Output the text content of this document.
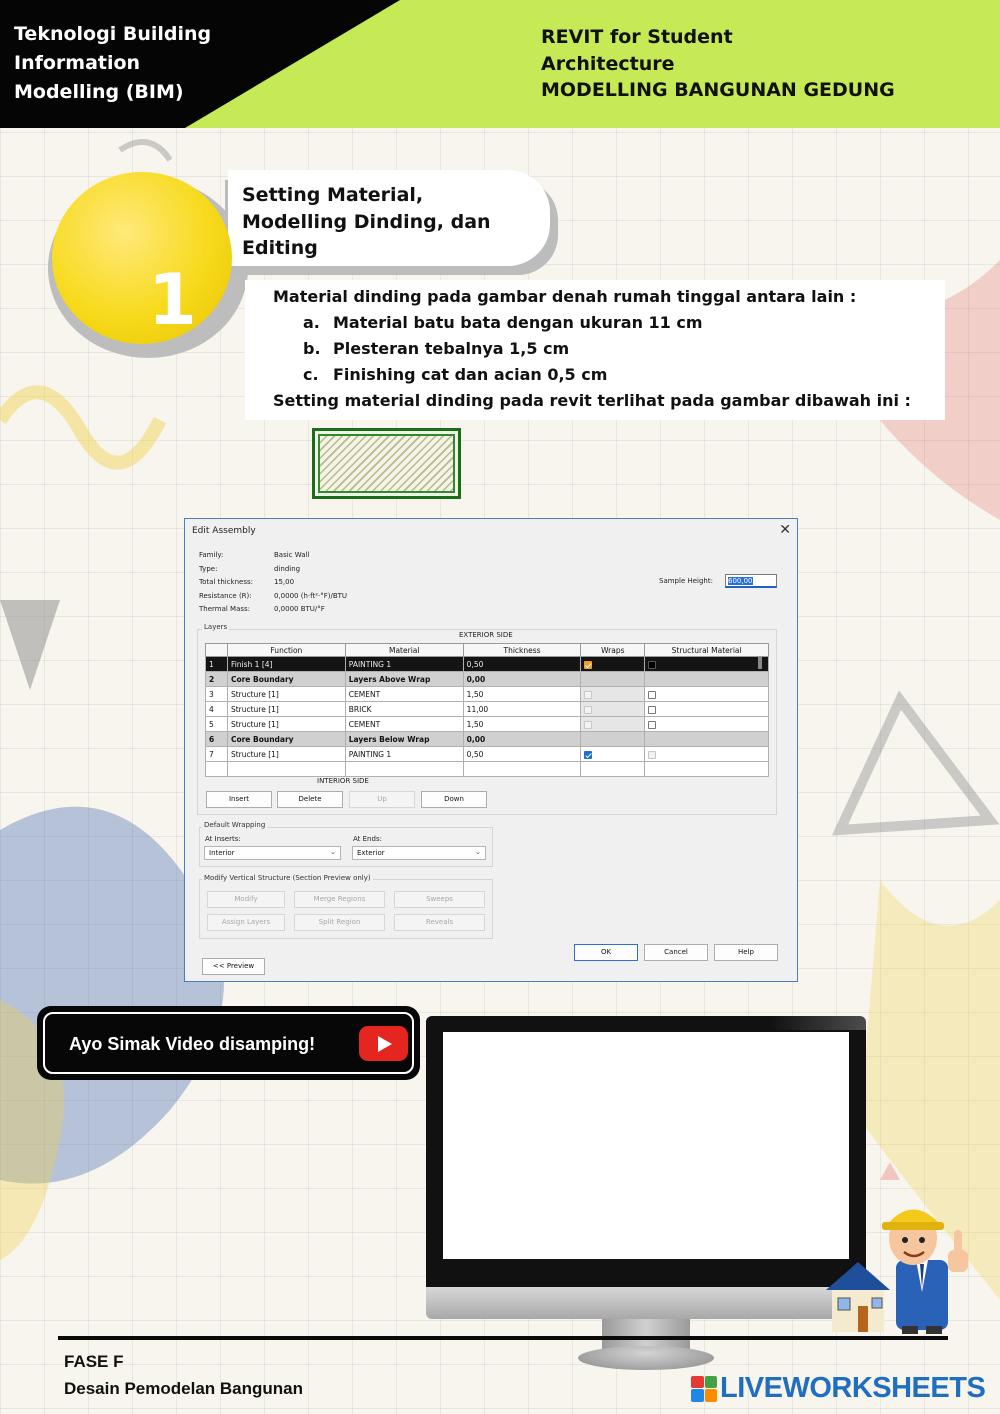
Teknologi Building
Information
Modelling (BIM)
REVIT for Student
Architecture
MODELLING BANGUNAN GEDUNG
1
Setting Material,
Modelling Dinding, dan
Editing
Material dinding pada gambar denah rumah tinggal antara lain :
a. Material batu bata dengan ukuran 11 cm
b. Plesteran tebalnya 1,5 cm
c. Finishing cat dan acian 0,5 cm
Setting material dinding pada revit terlihat pada gambar dibawah ini :
Edit Assembly	✕
Family:	Basic Wall
Type:	dinding
Total thickness:	15,00
Resistance (R):	0,0000 (h·ft²·°F)/BTU
Thermal Mass:	0,0000 BTU/°F
Sample Height:	600,00
Layers
EXTERIOR SIDE
	Function	Material	Thickness	Wraps	Structural Material
1	Finish 1 [4]	PAINTING 1	0,50		
2	Core Boundary	Layers Above Wrap	0,00		
3	Structure [1]	CEMENT	1,50		
4	Structure [1]	BRICK	11,00		
5	Structure [1]	CEMENT	1,50		
6	Core Boundary	Layers Below Wrap	0,00		
7	Structure [1]	PAINTING 1	0,50		

INTERIOR SIDE
Insert	Delete	Up	Down
Default Wrapping
At Inserts:
Interior	⌄
At Ends:
Exterior	⌄
Modify Vertical Structure (Section Preview only)
Modify	Merge Regions	Sweeps
Assign Layers	Split Region	Reveals
OK	Cancel	Help
<< Preview
Ayo Simak Video disamping!
FASE F
Desain Pemodelan Bangunan	LIVEWORKSHEETS
